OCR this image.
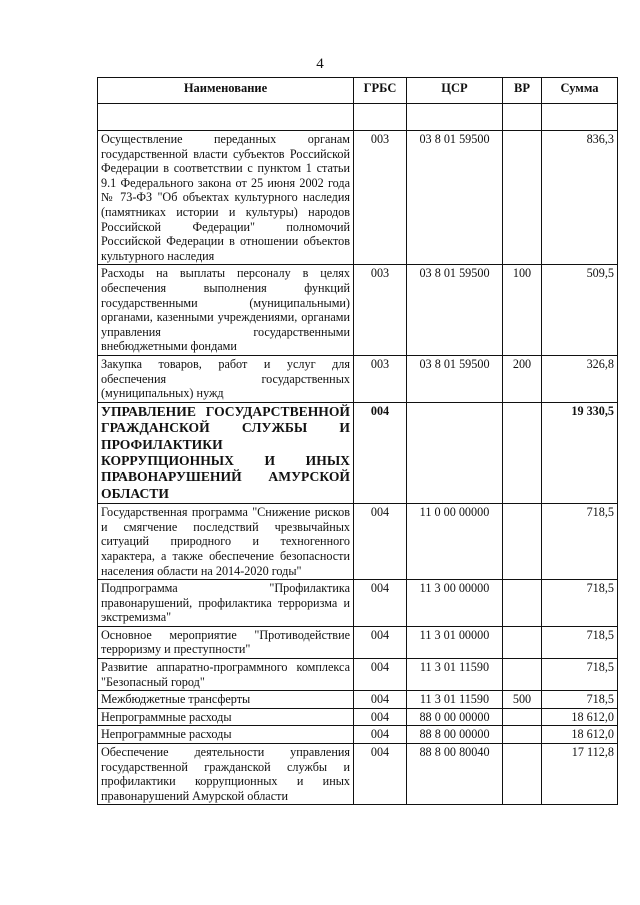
4
Наименование	ГРБС	ЦСР	ВР	Сумма

Осуществление переданных органам государственной власти субъектов Российской Федерации в соответствии с пунктом 1 статьи 9.1 Федерального закона от 25 июня 2002 года № 73-ФЗ "Об объектах культурного наследия (памятниках истории и культуры) народов Российской Федерации" полномочий Российской Федерации в отношении объектов культурного наследия	003	03 8 01 59500		836,3
Расходы на выплаты персоналу в целях обеспечения выполнения функций государственными (муниципальными) органами, казенными учреждениями, органами управления государственными внебюджетными фондами	003	03 8 01 59500	100	509,5
Закупка товаров, работ и услуг для обеспечения государственных (муниципальных) нужд	003	03 8 01 59500	200	326,8
УПРАВЛЕНИЕ ГОСУДАРСТВЕННОЙ ГРАЖДАНСКОЙ СЛУЖБЫ И ПРОФИЛАКТИКИ КОРРУПЦИОННЫХ И ИНЫХ ПРАВОНАРУШЕНИЙ АМУРСКОЙ ОБЛАСТИ	004			19 330,5
Государственная программа "Снижение рисков и смягчение последствий чрезвычайных ситуаций природного и техногенного характера, а также обеспечение безопасности населения области на 2014-2020 годы"	004	11 0 00 00000		718,5
Подпрограмма "Профилактика правонарушений, профилактика терроризма и экстремизма"	004	11 3 00 00000		718,5
Основное мероприятие "Противодействие терроризму и преступности"	004	11 3 01 00000		718,5
Развитие аппаратно-программного комплекса "Безопасный город"	004	11 3 01 11590		718,5
Межбюджетные трансферты	004	11 3 01 11590	500	718,5
Непрограммные расходы	004	88 0 00 00000		18 612,0
Непрограммные расходы	004	88 8 00 00000		18 612,0
Обеспечение деятельности управления государственной гражданской службы и профилактики коррупционных и иных правонарушений Амурской области	004	88 8 00 80040		17 112,8
